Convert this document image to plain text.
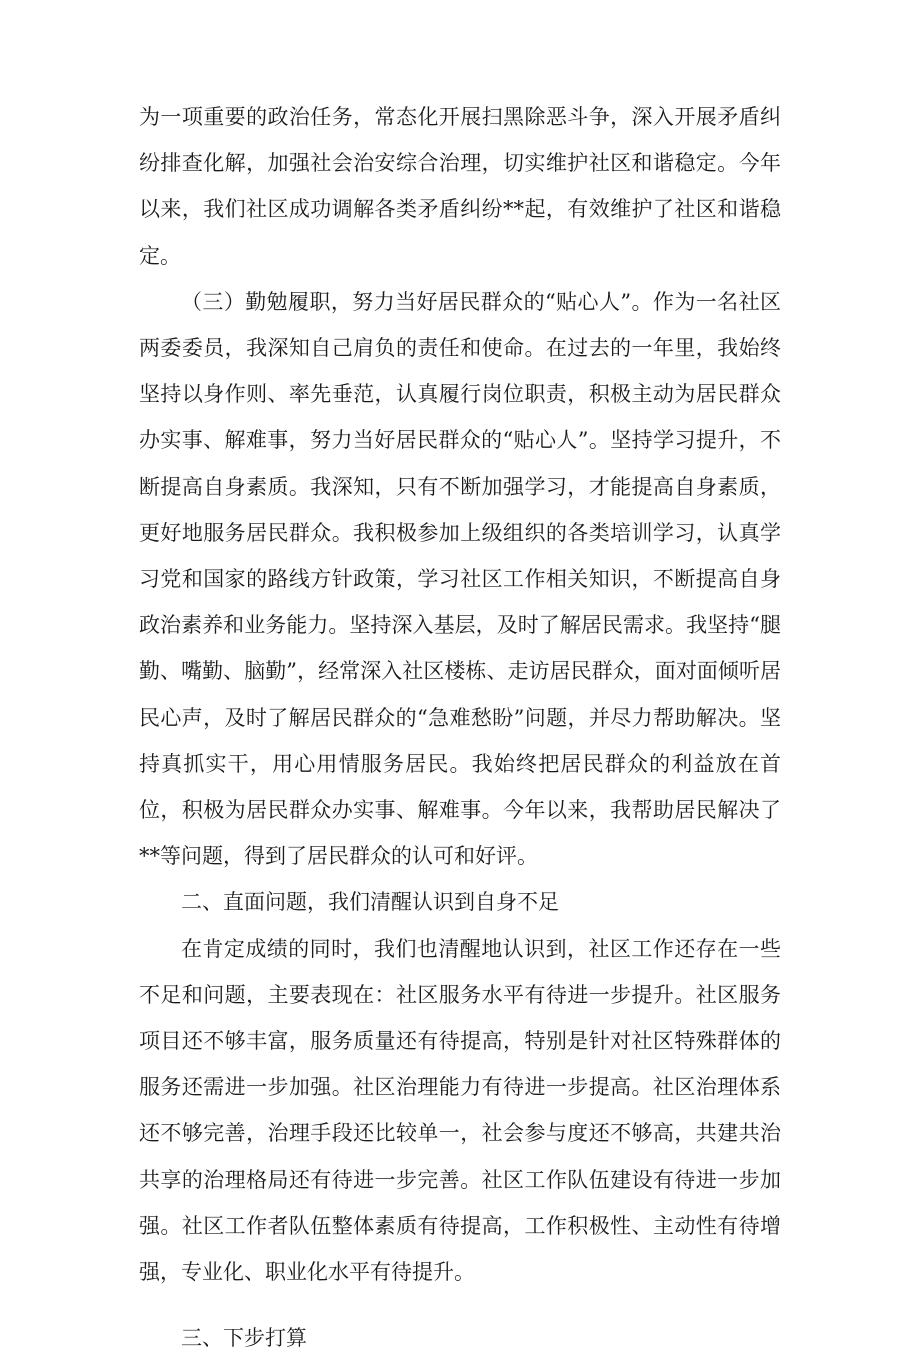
为一项重要的政治任务，常态化开展扫黑除恶斗争，深入开展矛盾纠纷排查化解，加强社会治安综合治理，切实维护社区和谐稳定。今年以来，我们社区成功调解各类矛盾纠纷**起，有效维护了社区和谐稳定。

（三）勤勉履职，努力当好居民群众的“贴心人”。作为一名社区两委委员，我深知自己肩负的责任和使命。在过去的一年里，我始终坚持以身作则、率先垂范，认真履行岗位职责，积极主动为居民群众办实事、解难事，努力当好居民群众的“贴心人”。坚持学习提升，不断提高自身素质。我深知，只有不断加强学习，才能提高自身素质，更好地服务居民群众。我积极参加上级组织的各类培训学习，认真学习党和国家的路线方针政策，学习社区工作相关知识，不断提高自身政治素养和业务能力。坚持深入基层，及时了解居民需求。我坚持“腿勤、嘴勤、脑勤”，经常深入社区楼栋、走访居民群众，面对面倾听居民心声，及时了解居民群众的“急难愁盼”问题，并尽力帮助解决。坚持真抓实干，用心用情服务居民。我始终把居民群众的利益放在首位，积极为居民群众办实事、解难事。今年以来，我帮助居民解决了**等问题，得到了居民群众的认可和好评。

二、直面问题，我们清醒认识到自身不足

在肯定成绩的同时，我们也清醒地认识到，社区工作还存在一些不足和问题，主要表现在：社区服务水平有待进一步提升。社区服务项目还不够丰富，服务质量还有待提高，特别是针对社区特殊群体的服务还需进一步加强。社区治理能力有待进一步提高。社区治理体系还不够完善，治理手段还比较单一，社会参与度还不够高，共建共治共享的治理格局还有待进一步完善。社区工作队伍建设有待进一步加强。社区工作者队伍整体素质有待提高，工作积极性、主动性有待增强，专业化、职业化水平有待提升。

三、下步打算
